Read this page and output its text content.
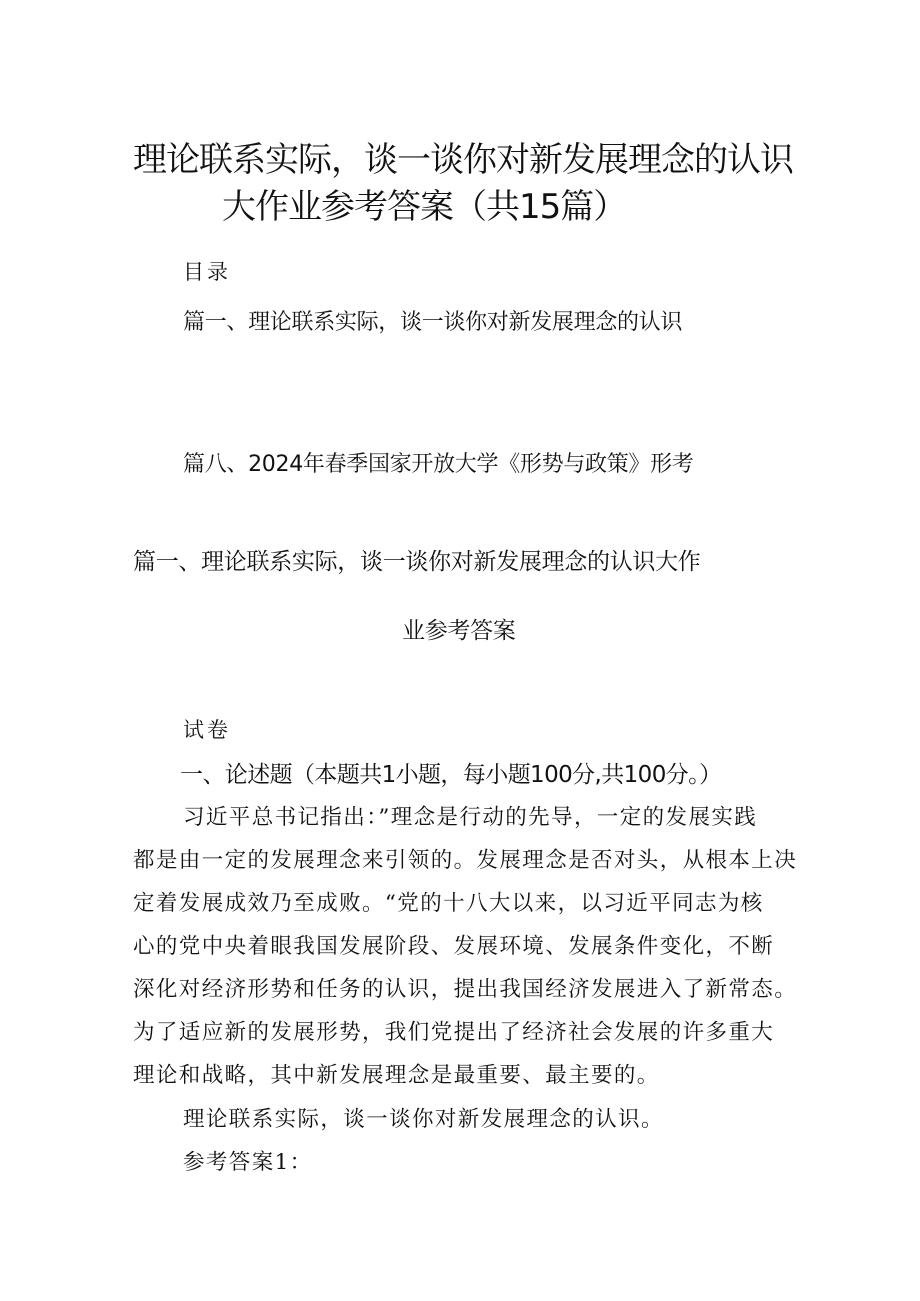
理论联系实际，谈一谈你对新发展理念的认识
大作业参考答案（共15篇）
目录
篇一、理论联系实际，谈一谈你对新发展理念的认识
篇八、2024年春季国家开放大学《形势与政策》形考
篇一、理论联系实际，谈一谈你对新发展理念的认识大作
业参考答案
试卷
一、论述题（本题共1小题，每小题100分,共100分。）
习近平总书记指出：”理念是行动的先导，一定的发展实践
都是由一定的发展理念来引领的。发展理念是否对头，从根本上决
定着发展成效乃至成败。“党的十八大以来，以习近平同志为核
心的党中央着眼我国发展阶段、发展环境、发展条件变化，不断
深化对经济形势和任务的认识，提出我国经济发展进入了新常态。
为了适应新的发展形势，我们党提出了经济社会发展的许多重大
理论和战略，其中新发展理念是最重要、最主要的。
理论联系实际，谈一谈你对新发展理念的认识。
参考答案1：
